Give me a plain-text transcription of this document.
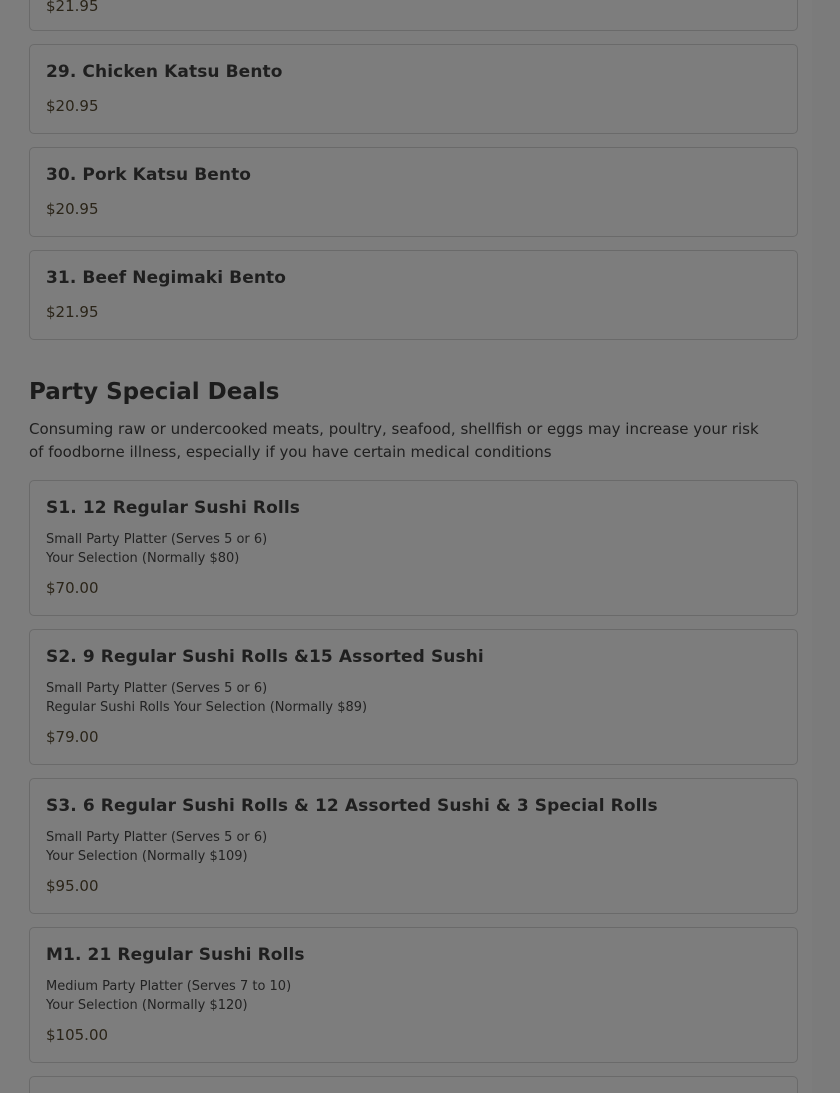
$21.95
29. Chicken Katsu Bento
$20.95
30. Pork Katsu Bento
$20.95
31. Beef Negimaki Bento
$21.95
Party Special Deals
Consuming raw or undercooked meats, poultry, seafood, shellfish or eggs may increase your risk of foodborne illness, especially if you have certain medical conditions
S1. 12 Regular Sushi Rolls
Small Party Platter (Serves 5 or 6)
Your Selection (Normally $80)
$70.00
S2. 9 Regular Sushi Rolls &15 Assorted Sushi
Small Party Platter (Serves 5 or 6)
Regular Sushi Rolls Your Selection (Normally $89)
$79.00
S3. 6 Regular Sushi Rolls & 12 Assorted Sushi & 3 Special Rolls
Small Party Platter (Serves 5 or 6)
Your Selection (Normally $109)
$95.00
M1. 21 Regular Sushi Rolls
Medium Party Platter (Serves 7 to 10)
Your Selection (Normally $120)
$105.00
